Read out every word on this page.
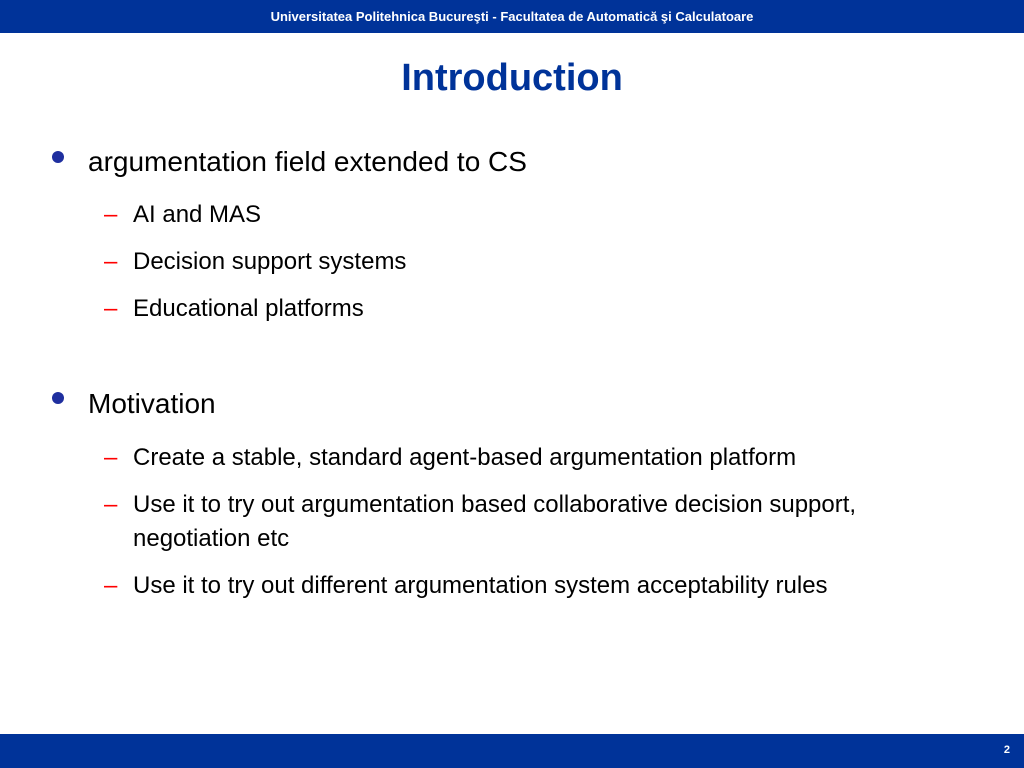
Universitatea Politehnica Bucureşti - Facultatea de Automatică şi Calculatoare
Introduction
argumentation field extended to CS
– AI and MAS
– Decision support systems
– Educational platforms
Motivation
– Create a stable, standard agent-based argumentation platform
– Use it to try out argumentation based collaborative decision support, negotiation etc
– Use it to try out different argumentation system acceptability rules
2
